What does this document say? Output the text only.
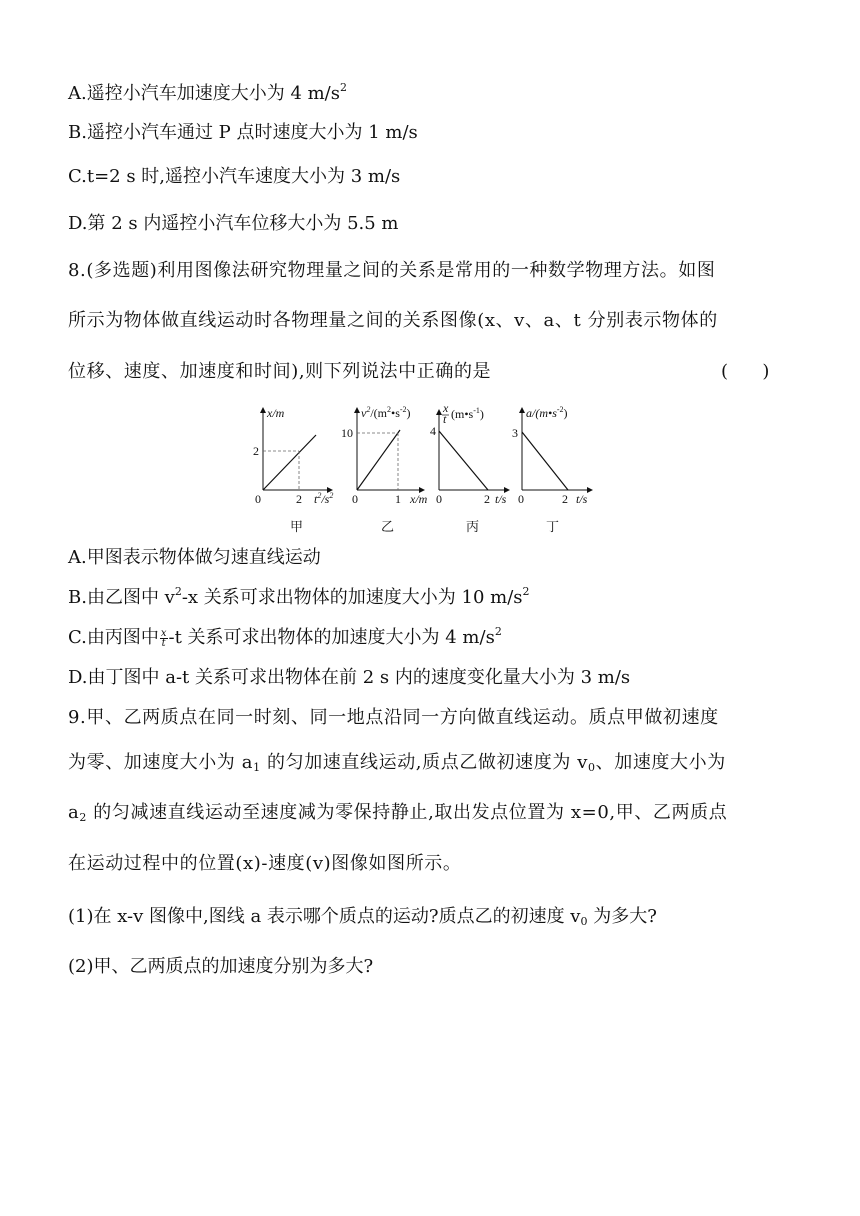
A.遥控小汽车加速度大小为 4 $m/s^2$
B.遥控小汽车通过 P 点时速度大小为 1 m/s
C.t=2 s 时,遥控小汽车速度大小为 3 m/s
D.第 2 s 内遥控小汽车位移大小为 5.5 m
8.(多选题)利用图像法研究物理量之间的关系是常用的一种数学物理方法。如图
所示为物体做直线运动时各物理量之间的关系图像(x、v、a、t 分别表示物体的
位移、速度、加速度和时间),则下列说法中正确的是	(      )
x/m
2
0	2 $t^2/s^2$
$v^2/(m^2•s^{-2})$
10
0	1 x/m
x
t $(m•s^{-1})$
4
0	2 t/s
$a/(m•s^{-2})$
3
0	2 t/s
甲	乙	丙	丁
A.甲图表示物体做匀速直线运动
B.由乙图中 $v^2-x$ 关系可求出物体的加速度大小为 10 $m/s^2$
C.由丙图中 $\frac{x}{t} -t$ 关系可求出物体的加速度大小为 4 $m/s^2$
D.由丁图中 a-t 关系可求出物体在前 2 s 内的速度变化量大小为 3 m/s
9.甲、乙两质点在同一时刻、同一地点沿同一方向做直线运动。质点甲做初速度
为零、加速度大小为 $a_1$ 的匀加速直线运动,质点乙做初速度为 $v_0$、加速度大小为
$a_2$ 的匀减速直线运动至速度减为零保持静止,取出发点位置为 x=0,甲、乙两质点
在运动过程中的位置(x)-速度(v)图像如图所示。
(1)在 x-v 图像中,图线 a 表示哪个质点的运动?质点乙的初速度 $v_0$ 为多大?
(2)甲、乙两质点的加速度分别为多大?
